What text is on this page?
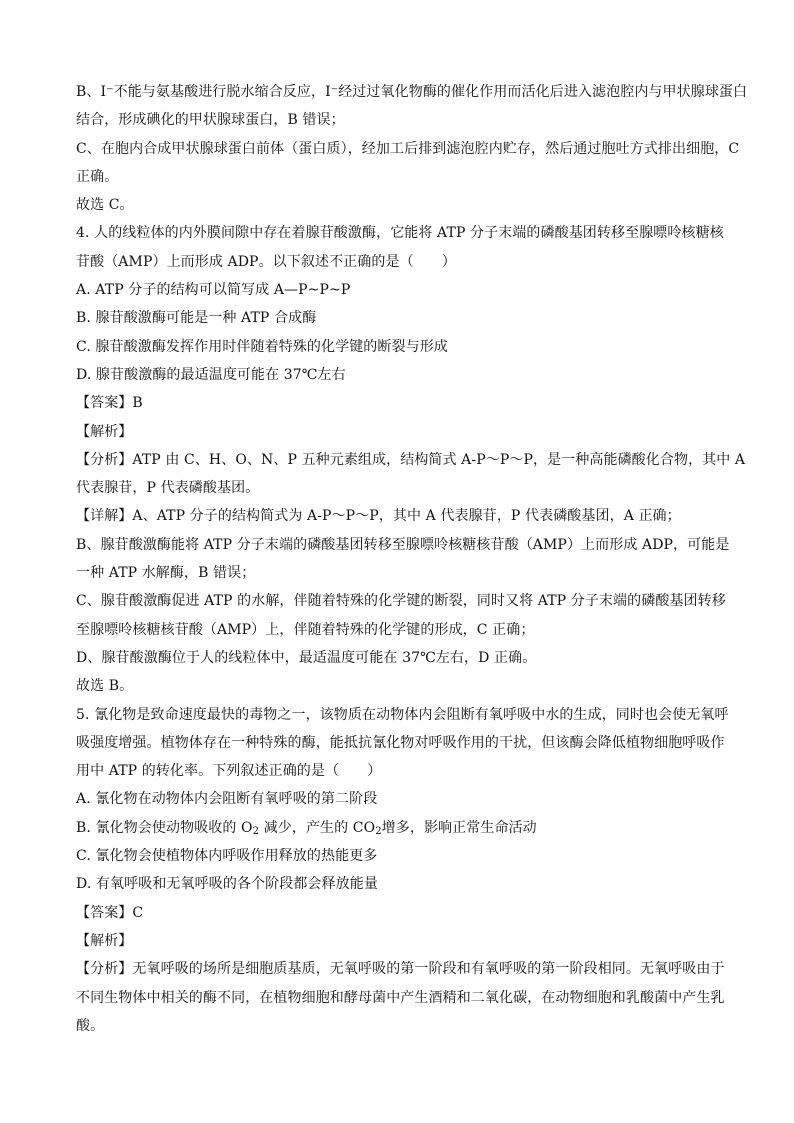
B、I⁻不能与氨基酸进行脱水缩合反应，I⁻经过过氧化物酶的催化作用而活化后进入滤泡腔内与甲状腺球蛋白
结合，形成碘化的甲状腺球蛋白，B 错误；
C、在胞内合成甲状腺球蛋白前体（蛋白质），经加工后排到滤泡腔内贮存，然后通过胞吐方式排出细胞，C
正确。
故选 C。
4. 人的线粒体的内外膜间隙中存在着腺苷酸激酶，它能将 ATP 分子末端的磷酸基团转移至腺嘌呤核糖核
苷酸（AMP）上而形成 ADP。以下叙述不正确的是（　　）
A. ATP 分子的结构可以简写成 A—P~P~P
B. 腺苷酸激酶可能是一种 ATP 合成酶
C. 腺苷酸激酶发挥作用时伴随着特殊的化学键的断裂与形成
D. 腺苷酸激酶的最适温度可能在 37℃左右
【答案】B
【解析】
【分析】ATP 由 C、H、O、N、P 五种元素组成，结构简式 A-P～P～P，是一种高能磷酸化合物，其中 A
代表腺苷，P 代表磷酸基团。
【详解】A、ATP 分子的结构简式为 A-P～P～P，其中 A 代表腺苷，P 代表磷酸基团，A 正确；
B、腺苷酸激酶能将 ATP 分子末端的磷酸基团转移至腺嘌呤核糖核苷酸（AMP）上而形成 ADP，可能是
一种 ATP 水解酶，B 错误；
C、腺苷酸激酶促进 ATP 的水解，伴随着特殊的化学键的断裂，同时又将 ATP 分子末端的磷酸基团转移
至腺嘌呤核糖核苷酸（AMP）上，伴随着特殊的化学键的形成，C 正确；
D、腺苷酸激酶位于人的线粒体中，最适温度可能在 37℃左右，D 正确。
故选 B。
5. 氰化物是致命速度最快的毒物之一，该物质在动物体内会阻断有氧呼吸中水的生成，同时也会使无氧呼
吸强度增强。植物体存在一种特殊的酶，能抵抗氰化物对呼吸作用的干扰，但该酶会降低植物细胞呼吸作
用中 ATP 的转化率。下列叙述正确的是（　　）
A. 氰化物在动物体内会阻断有氧呼吸的第二阶段
B. 氰化物会使动物吸收的 $O_2$ 减少，产生的 $CO_2$增多，影响正常生命活动
C. 氰化物会使植物体内呼吸作用释放的热能更多
D. 有氧呼吸和无氧呼吸的各个阶段都会释放能量
【答案】C
【解析】
【分析】无氧呼吸的场所是细胞质基质，无氧呼吸的第一阶段和有氧呼吸的第一阶段相同。无氧呼吸由于
不同生物体中相关的酶不同，在植物细胞和酵母菌中产生酒精和二氧化碳，在动物细胞和乳酸菌中产生乳
酸。
